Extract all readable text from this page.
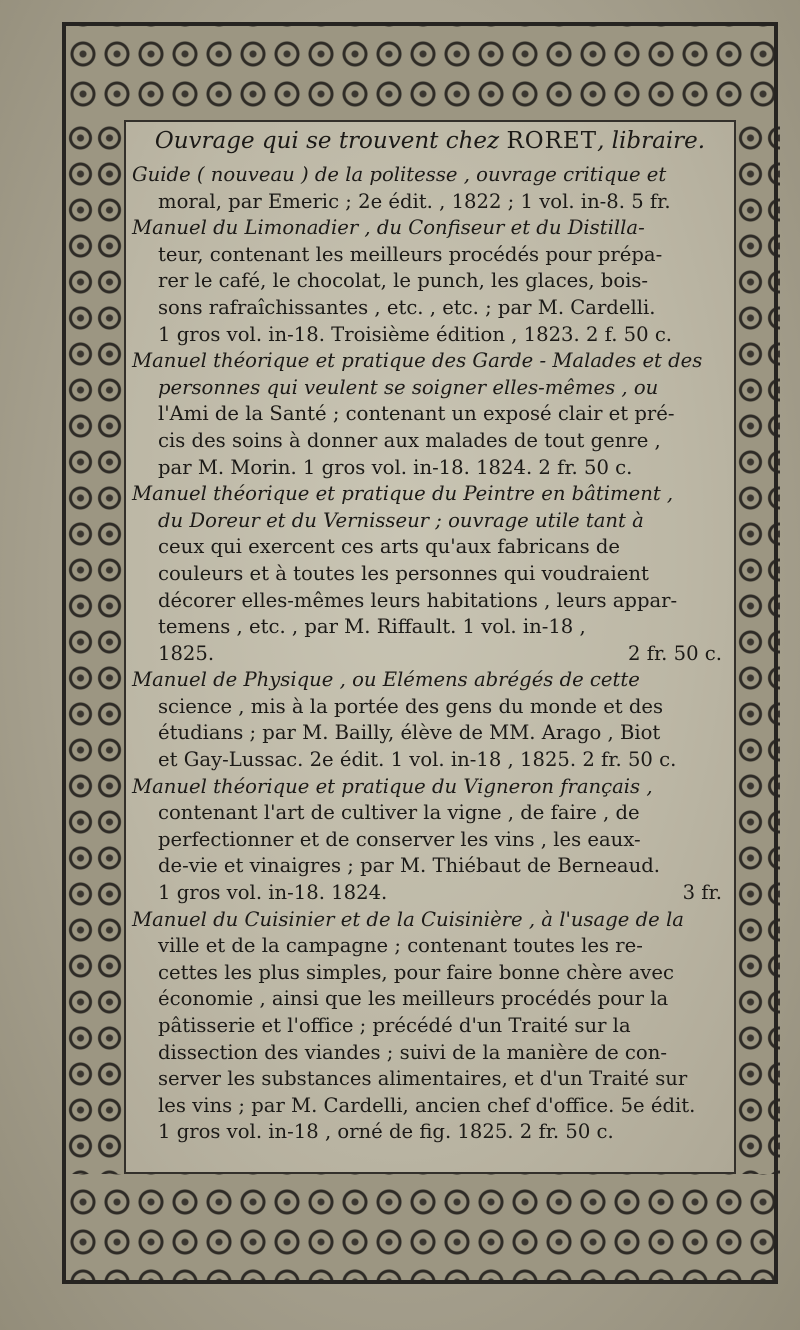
Ouvrage qui se trouvent chez RORET, libraire.
Guide ( nouveau ) de la politesse , ouvrage critique et
moral, par Emeric ; 2e édit. , 1822 ; 1 vol. in-8. 5 fr.
Manuel du Limonadier , du Confiseur et du Distilla-
teur, contenant les meilleurs procédés pour prépa-
rer le café, le chocolat, le punch, les glaces, bois-
sons rafraîchissantes , etc. , etc. ; par M. Cardelli.
1 gros vol. in-18. Troisième édition , 1823. 2 f. 50 c.
Manuel théorique et pratique des Garde - Malades et des
personnes qui veulent se soigner elles-mêmes , ou
l'Ami de la Santé ; contenant un exposé clair et pré-
cis des soins à donner aux malades de tout genre ,
par M. Morin. 1 gros vol. in-18. 1824. 2 fr. 50 c.
Manuel théorique et pratique du Peintre en bâtiment ,
du Doreur et du Vernisseur ; ouvrage utile tant à
ceux qui exercent ces arts qu'aux fabricans de
couleurs et à toutes les personnes qui voudraient
décorer elles-mêmes leurs habitations , leurs appar-
temens , etc. , par M. Riffault. 1 vol. in-18 ,
1825.	2 fr. 50 c.
Manuel de Physique , ou Elémens abrégés de cette
science , mis à la portée des gens du monde et des
étudians ; par M. Bailly, élève de MM. Arago , Biot
et Gay-Lussac. 2e édit. 1 vol. in-18 , 1825. 2 fr. 50 c.
Manuel théorique et pratique du Vigneron français ,
contenant l'art de cultiver la vigne , de faire , de
perfectionner et de conserver les vins , les eaux-
de-vie et vinaigres ; par M. Thiébaut de Berneaud.
1 gros vol. in-18. 1824.	3 fr.
Manuel du Cuisinier et de la Cuisinière , à l'usage de la
ville et de la campagne ; contenant toutes les re-
cettes les plus simples, pour faire bonne chère avec
économie , ainsi que les meilleurs procédés pour la
pâtisserie et l'office ; précédé d'un Traité sur la
dissection des viandes ; suivi de la manière de con-
server les substances alimentaires, et d'un Traité sur
les vins ; par M. Cardelli, ancien chef d'office. 5e édit.
1 gros vol. in-18 , orné de fig. 1825. 2 fr. 50 c.
